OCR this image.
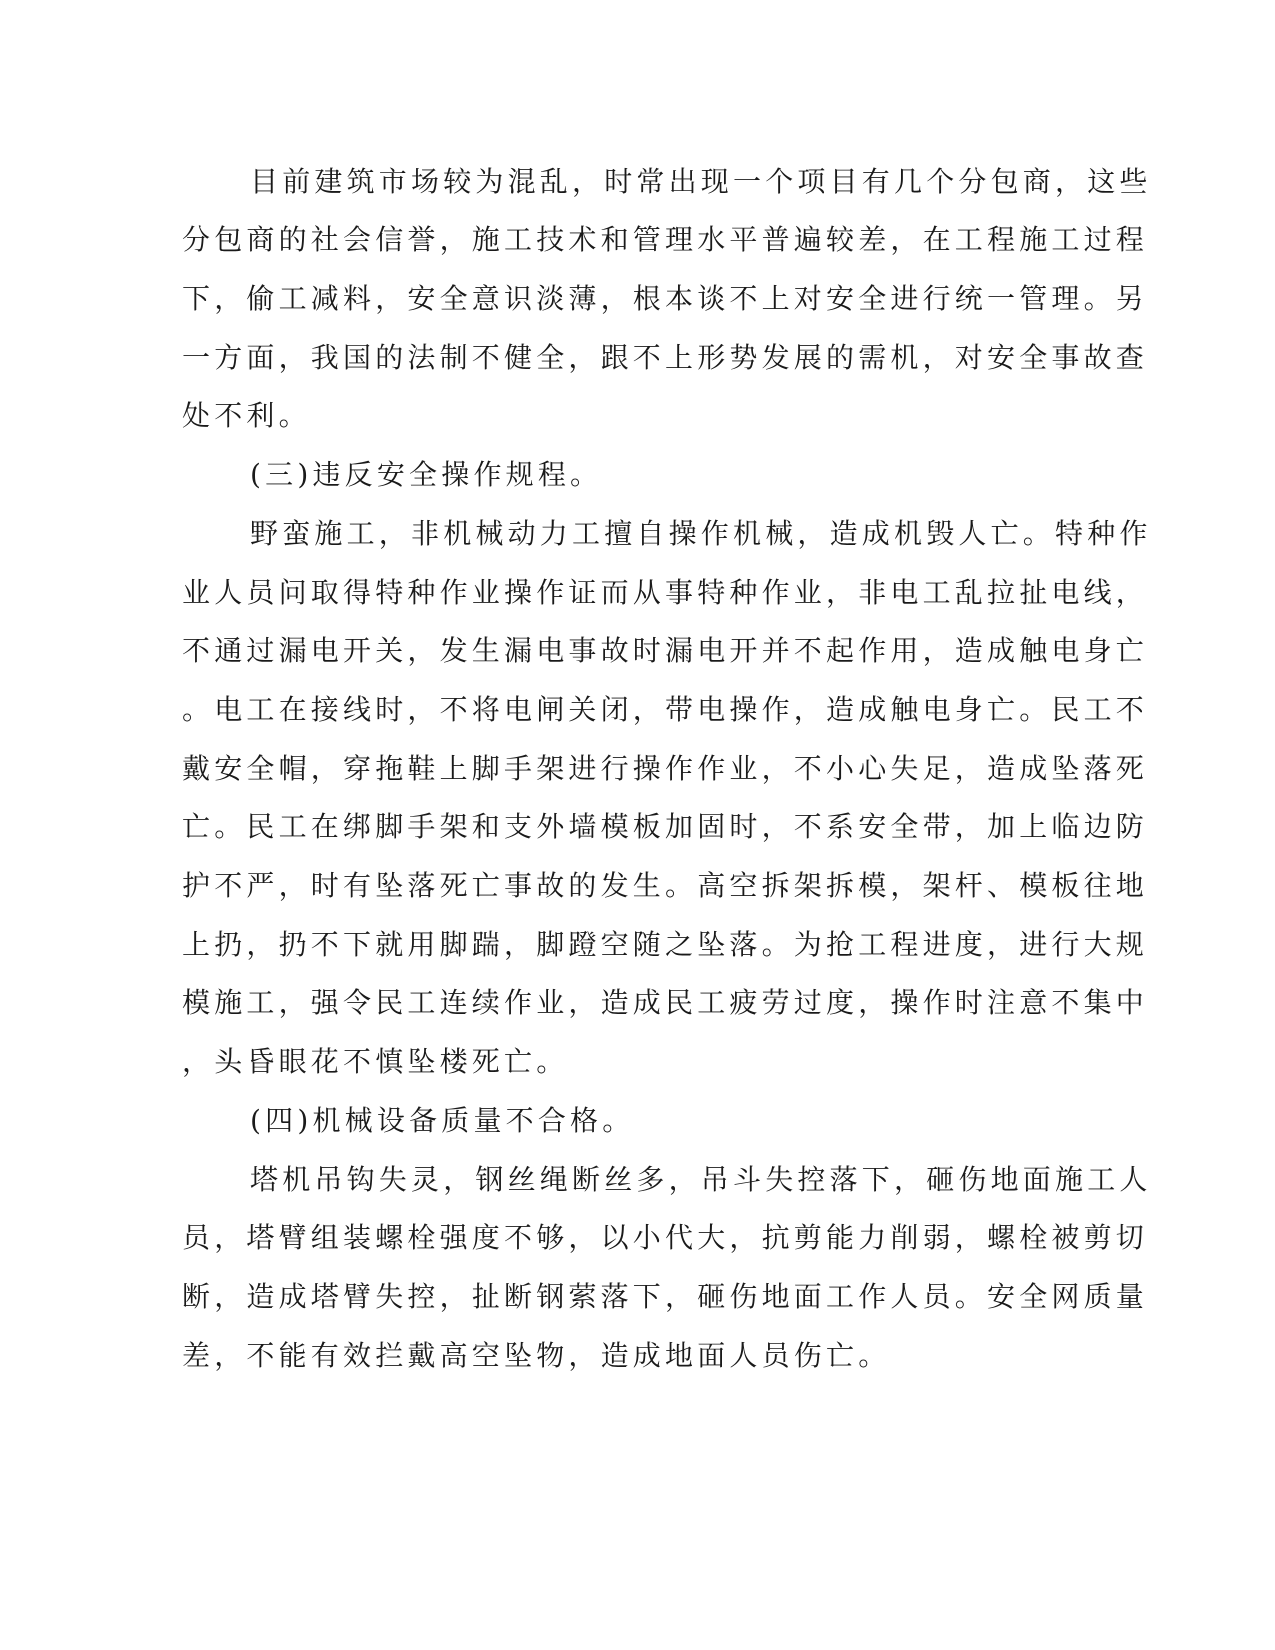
目前建筑市场较为混乱，时常出现一个项目有几个分包商，这些
分包商的社会信誉，施工技术和管理水平普遍较差，在工程施工过程
下，偷工减料，安全意识淡薄，根本谈不上对安全进行统一管理。另
一方面，我国的法制不健全，跟不上形势发展的需机，对安全事故查
处不利。
(三)违反安全操作规程。
野蛮施工，非机械动力工擅自操作机械，造成机毁人亡。特种作
业人员问取得特种作业操作证而从事特种作业，非电工乱拉扯电线，
不通过漏电开关，发生漏电事故时漏电开并不起作用，造成触电身亡
。电工在接线时，不将电闸关闭，带电操作，造成触电身亡。民工不
戴安全帽，穿拖鞋上脚手架进行操作作业，不小心失足，造成坠落死
亡。民工在绑脚手架和支外墙模板加固时，不系安全带，加上临边防
护不严，时有坠落死亡事故的发生。高空拆架拆模，架杆、模板往地
上扔，扔不下就用脚踹，脚蹬空随之坠落。为抢工程进度，进行大规
模施工，强令民工连续作业，造成民工疲劳过度，操作时注意不集中
，头昏眼花不慎坠楼死亡。
(四)机械设备质量不合格。
塔机吊钩失灵，钢丝绳断丝多，吊斗失控落下，砸伤地面施工人
员，塔臂组装螺栓强度不够，以小代大，抗剪能力削弱，螺栓被剪切
断，造成塔臂失控，扯断钢萦落下，砸伤地面工作人员。安全网质量
差，不能有效拦戴高空坠物，造成地面人员伤亡。
